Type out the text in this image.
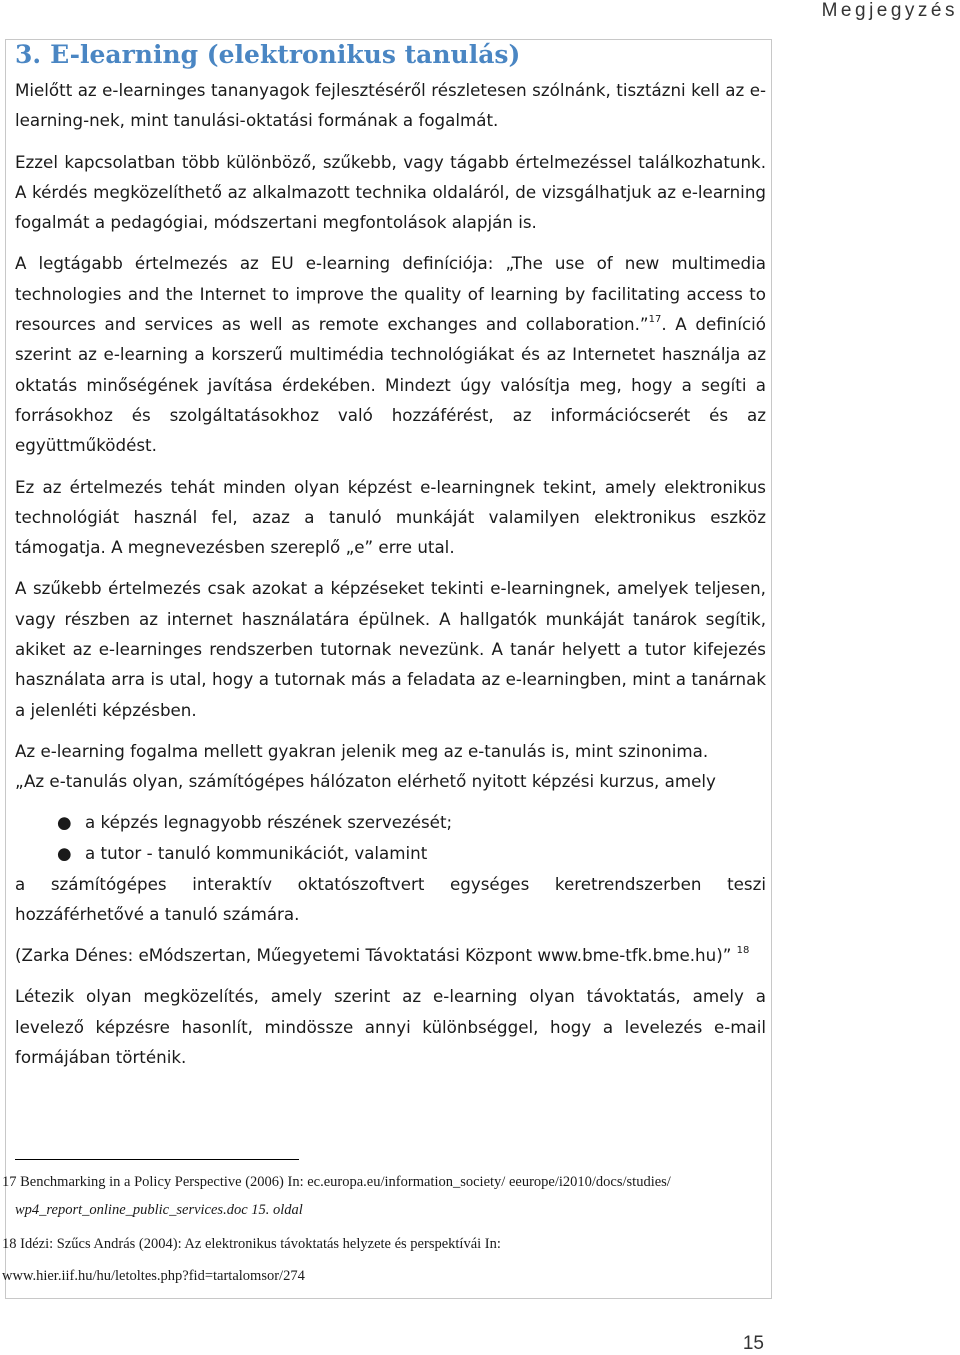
Megjegyzés
3. E-learning (elektronikus tanulás)

Mielőtt az e-learninges tananyagok fejlesztéséről részletesen szólnánk, tisztázni kell az e-learning-nek, mint tanulási-oktatási formának a fogalmát.

Ezzel kapcsolatban több különböző, szűkebb, vagy tágabb értelmezéssel találkozhatunk. A kérdés megközelíthető az alkalmazott technika oldaláról, de vizsgálhatjuk az e-learning fogalmát a pedagógiai, módszertani megfontolások alapján is.

A legtágabb értelmezés az EU e-learning definíciója: „The use of new multimedia technologies and the Internet to improve the quality of learning by facilitating access to resources and services as well as remote exchanges and collaboration.”$^{17}$. A definíció szerint az e-learning a korszerű multimédia technológiákat és az Internetet használja az oktatás minőségének javítása érdekében. Mindezt úgy valósítja meg, hogy a segíti a forrásokhoz és szolgáltatásokhoz való hozzáférést, az információcserét és az együttműködést.

Ez az értelmezés tehát minden olyan képzést e-learningnek tekint, amely elektronikus technológiát használ fel, azaz a tanuló munkáját valamilyen elektronikus eszköz támogatja. A megnevezésben szereplő „e” erre utal.

A szűkebb értelmezés csak azokat a képzéseket tekinti e-learningnek, amelyek teljesen, vagy részben az internet használatára épülnek. A hallgatók munkáját tanárok segítik, akiket az e-learninges rendszerben tutornak nevezünk. A tanár helyett a tutor kifejezés használata arra is utal, hogy a tutornak más a feladata az e-learningben, mint a tanárnak a jelenléti képzésben.

Az e-learning fogalma mellett gyakran jelenik meg az e-tanulás is, mint szinonima.
„Az e-tanulás olyan, számítógépes hálózaton elérhető nyitott képzési kurzus, amely

● a képzés legnagyobb részének szervezését;
● a tutor - tanuló kommunikációt, valamint

a számítógépes interaktív oktatószoftvert egységes keretrendszerben teszi hozzáférhetővé a tanuló számára.

(Zarka Dénes: eMódszertan, Műegyetemi Távoktatási Központ www.bme-tfk.bme.hu)” $^{18}$

Létezik olyan megközelítés, amely szerint az e-learning olyan távoktatás, amely a levelező képzésre hasonlít, mindössze annyi különbséggel, hogy a levelezés e-mail formájában történik.

17 Benchmarking in a Policy Perspective (2006) In: ec.europa.eu/information_society/ eeurope/i2010/docs/studies/
wp4_report_online_public_services.doc 15. oldal
18 Idézi: Szűcs András (2004): Az elektronikus távoktatás helyzete és perspektívái In:
www.hier.iif.hu/hu/letoltes.php?fid=tartalomsor/274
15
